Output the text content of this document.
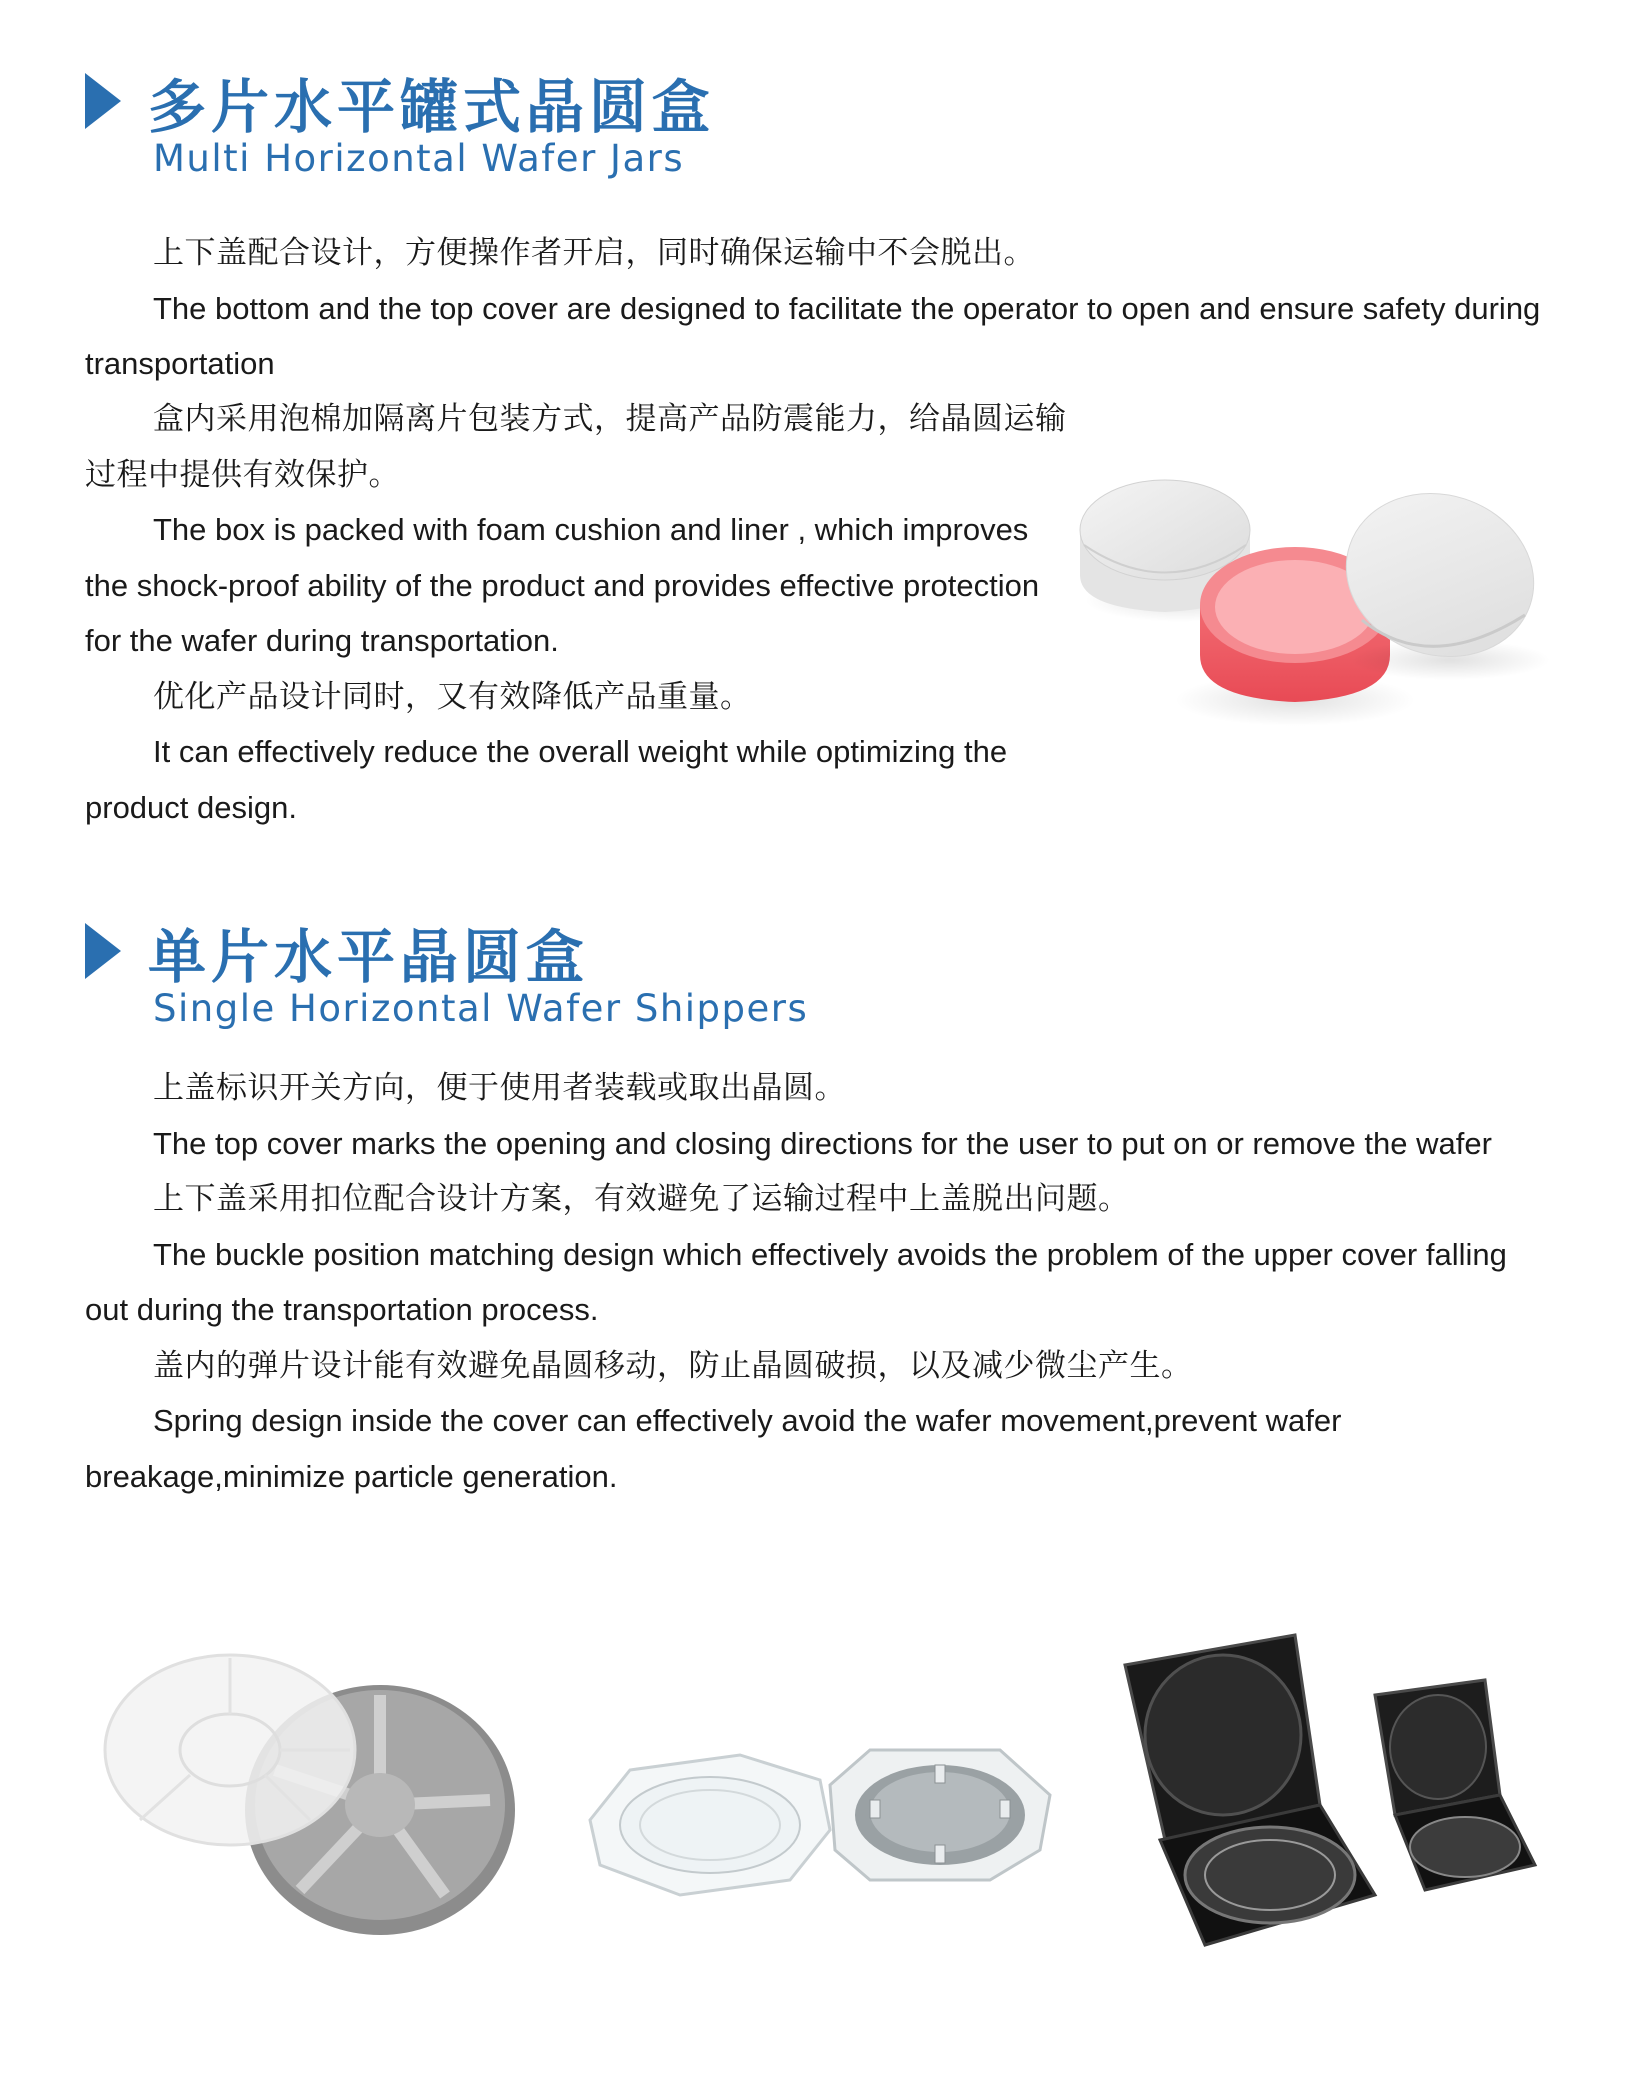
多片水平罐式晶圆盒
Multi Horizontal Wafer Jars

上下盖配合设计，方便操作者开启，同时确保运输中不会脱出。

The bottom and the top cover are designed to facilitate the operator to open and ensure safety during transportation

盒内采用泡棉加隔离片包装方式，提高产品防震能力，给晶圆运输过程中提供有效保护。

The box is packed with foam cushion and liner , which improves the shock-proof ability of the product and provides effective protection for the wafer during transportation.

优化产品设计同时，又有效降低产品重量。

It can effectively reduce the overall weight while optimizing the product design.

单片水平晶圆盒
Single Horizontal Wafer Shippers

上盖标识开关方向，便于使用者装载或取出晶圆。

The top cover marks the opening and closing directions for the user to put on or remove the wafer

上下盖采用扣位配合设计方案，有效避免了运输过程中上盖脱出问题。

The buckle position matching design which effectively avoids the problem of the upper cover falling out during the transportation process.

盖内的弹片设计能有效避免晶圆移动，防止晶圆破损，以及减少微尘产生。

Spring design inside the cover can effectively avoid the wafer movement,prevent wafer breakage,minimize particle generation.
